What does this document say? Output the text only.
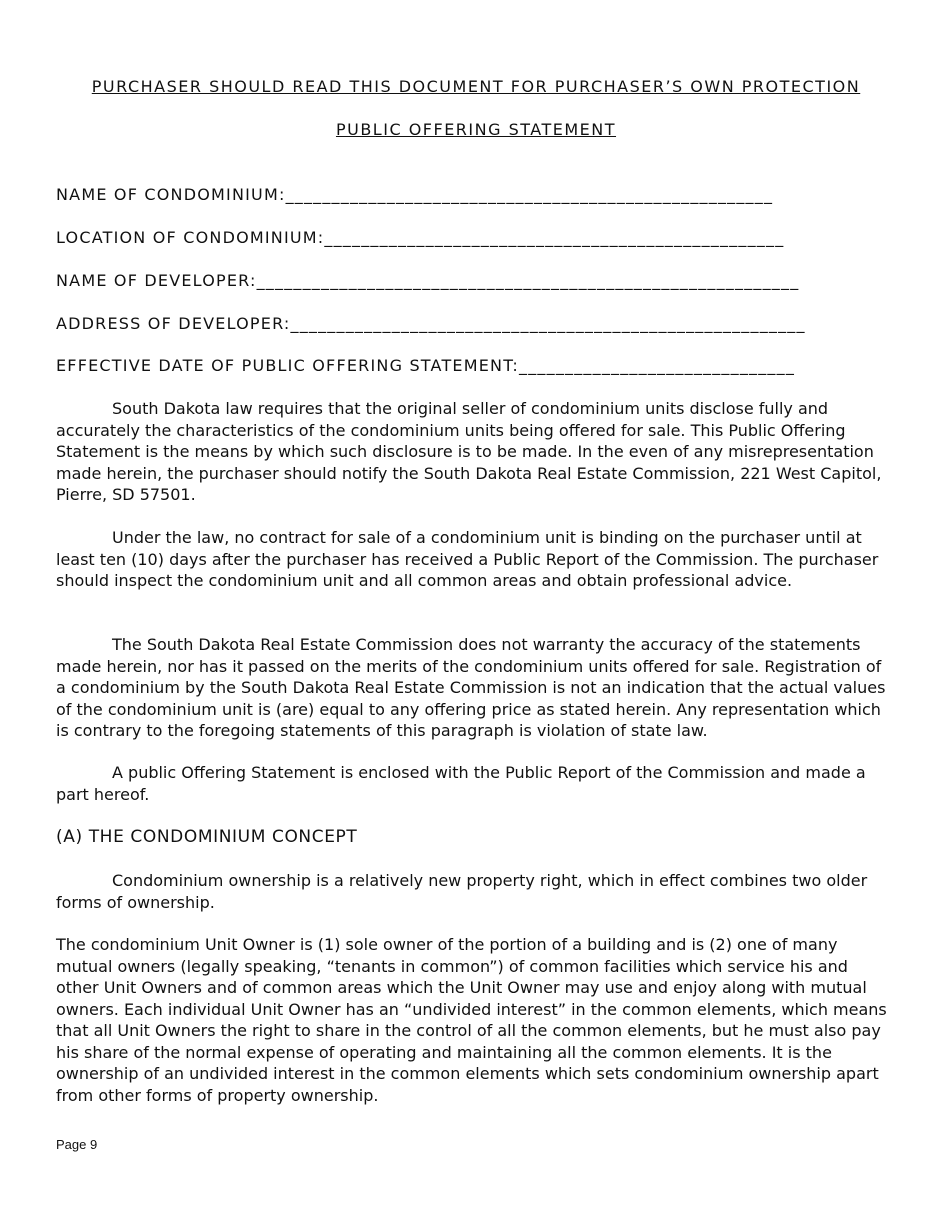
PURCHASER SHOULD READ THIS DOCUMENT FOR PURCHASER’S OWN PROTECTION
PUBLIC OFFERING STATEMENT
NAME OF CONDOMINIUM:_____________________________________________________
LOCATION OF CONDOMINIUM:__________________________________________________
NAME OF DEVELOPER:___________________________________________________________
ADDRESS OF DEVELOPER:________________________________________________________
EFFECTIVE DATE OF PUBLIC OFFERING STATEMENT:______________________________

South Dakota law requires that the original seller of condominium units disclose fully and accurately the characteristics of the condominium units being offered for sale. This Public Offering Statement is the means by which such disclosure is to be made. In the even of any misrepresentation made herein, the purchaser should notify the South Dakota Real Estate Commission, 221 West Capitol, Pierre, SD 57501.

Under the law, no contract for sale of a condominium unit is binding on the purchaser until at least ten (10) days after the purchaser has received a Public Report of the Commission. The purchaser should inspect the condominium unit and all common areas and obtain professional advice.

The South Dakota Real Estate Commission does not warranty the accuracy of the statements made herein, nor has it passed on the merits of the condominium units offered for sale. Registration of a condominium by the South Dakota Real Estate Commission is not an indication that the actual values of the condominium unit is (are) equal to any offering price as stated herein. Any representation which is contrary to the foregoing statements of this paragraph is violation of state law.

A public Offering Statement is enclosed with the Public Report of the Commission and made a part hereof.

(A) THE CONDOMINIUM CONCEPT

Condominium ownership is a relatively new property right, which in effect combines two older forms of ownership.

The condominium Unit Owner is (1) sole owner of the portion of a building and is (2) one of many mutual owners (legally speaking, “tenants in common”) of common facilities which service his and other Unit Owners and of common areas which the Unit Owner may use and enjoy along with mutual owners. Each individual Unit Owner has an “undivided interest” in the common elements, which means that all Unit Owners the right to share in the control of all the common elements, but he must also pay his share of the normal expense of operating and maintaining all the common elements. It is the ownership of an undivided interest in the common elements which sets condominium ownership apart from other forms of property ownership.

Page 9
